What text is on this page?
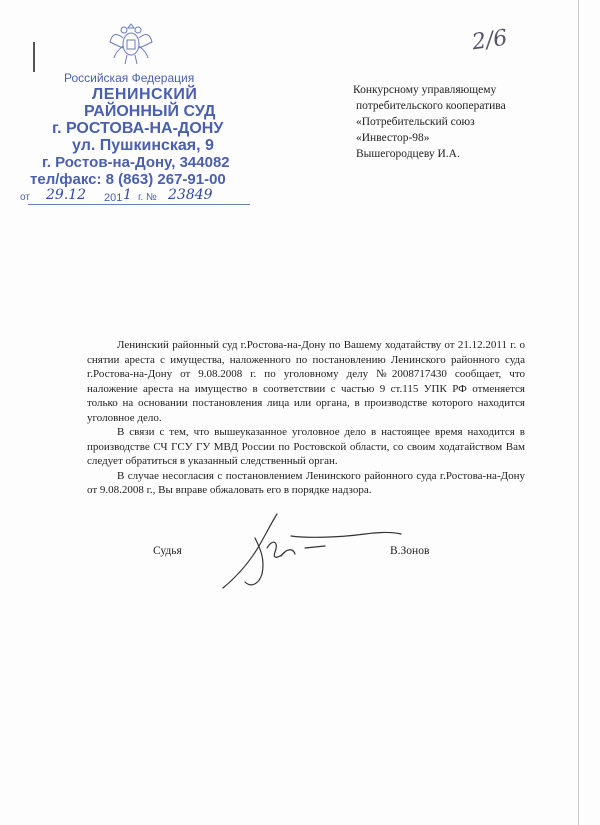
Российская Федерация
ЛЕНИНСКИЙ
РАЙОННЫЙ СУД
г. РОСТОВА-НА-ДОНУ
ул. Пушкинская, 9
г. Ростов-на-Дону, 344082
тел/факс: 8 (863) 267-91-00
от 29.12 201 1 г. № 23849
2/6
Конкурсному управляющему
потребительского кооператива
«Потребительский союз
«Инвестор-98»
Вышегородцеву И.А.

Ленинский районный суд г.Ростова-на-Дону по Вашему ходатайству от 21.12.2011 г. о снятии ареста с имущества, наложенного по постановлению Ленинского районного суда г.Ростова-на-Дону от 9.08.2008 г. по уголовному делу №2008717430 сообщает, что наложение ареста на имущество в соответствии с частью 9 ст.115 УПК РФ отменяется только на основании постановления лица или органа, в производстве которого находится уголовное дело.

В связи с тем, что вышеуказанное уголовное дело в настоящее время находится в производстве СЧ ГСУ ГУ МВД России по Ростовской области, со своим ходатайством Вам следует обратиться в указанный следственный орган.

В случае несогласия с постановлением Ленинского районного суда г.Ростова-на-Дону от 9.08.2008 г., Вы вправе обжаловать его в порядке надзора.

Судья	В.Зонов
